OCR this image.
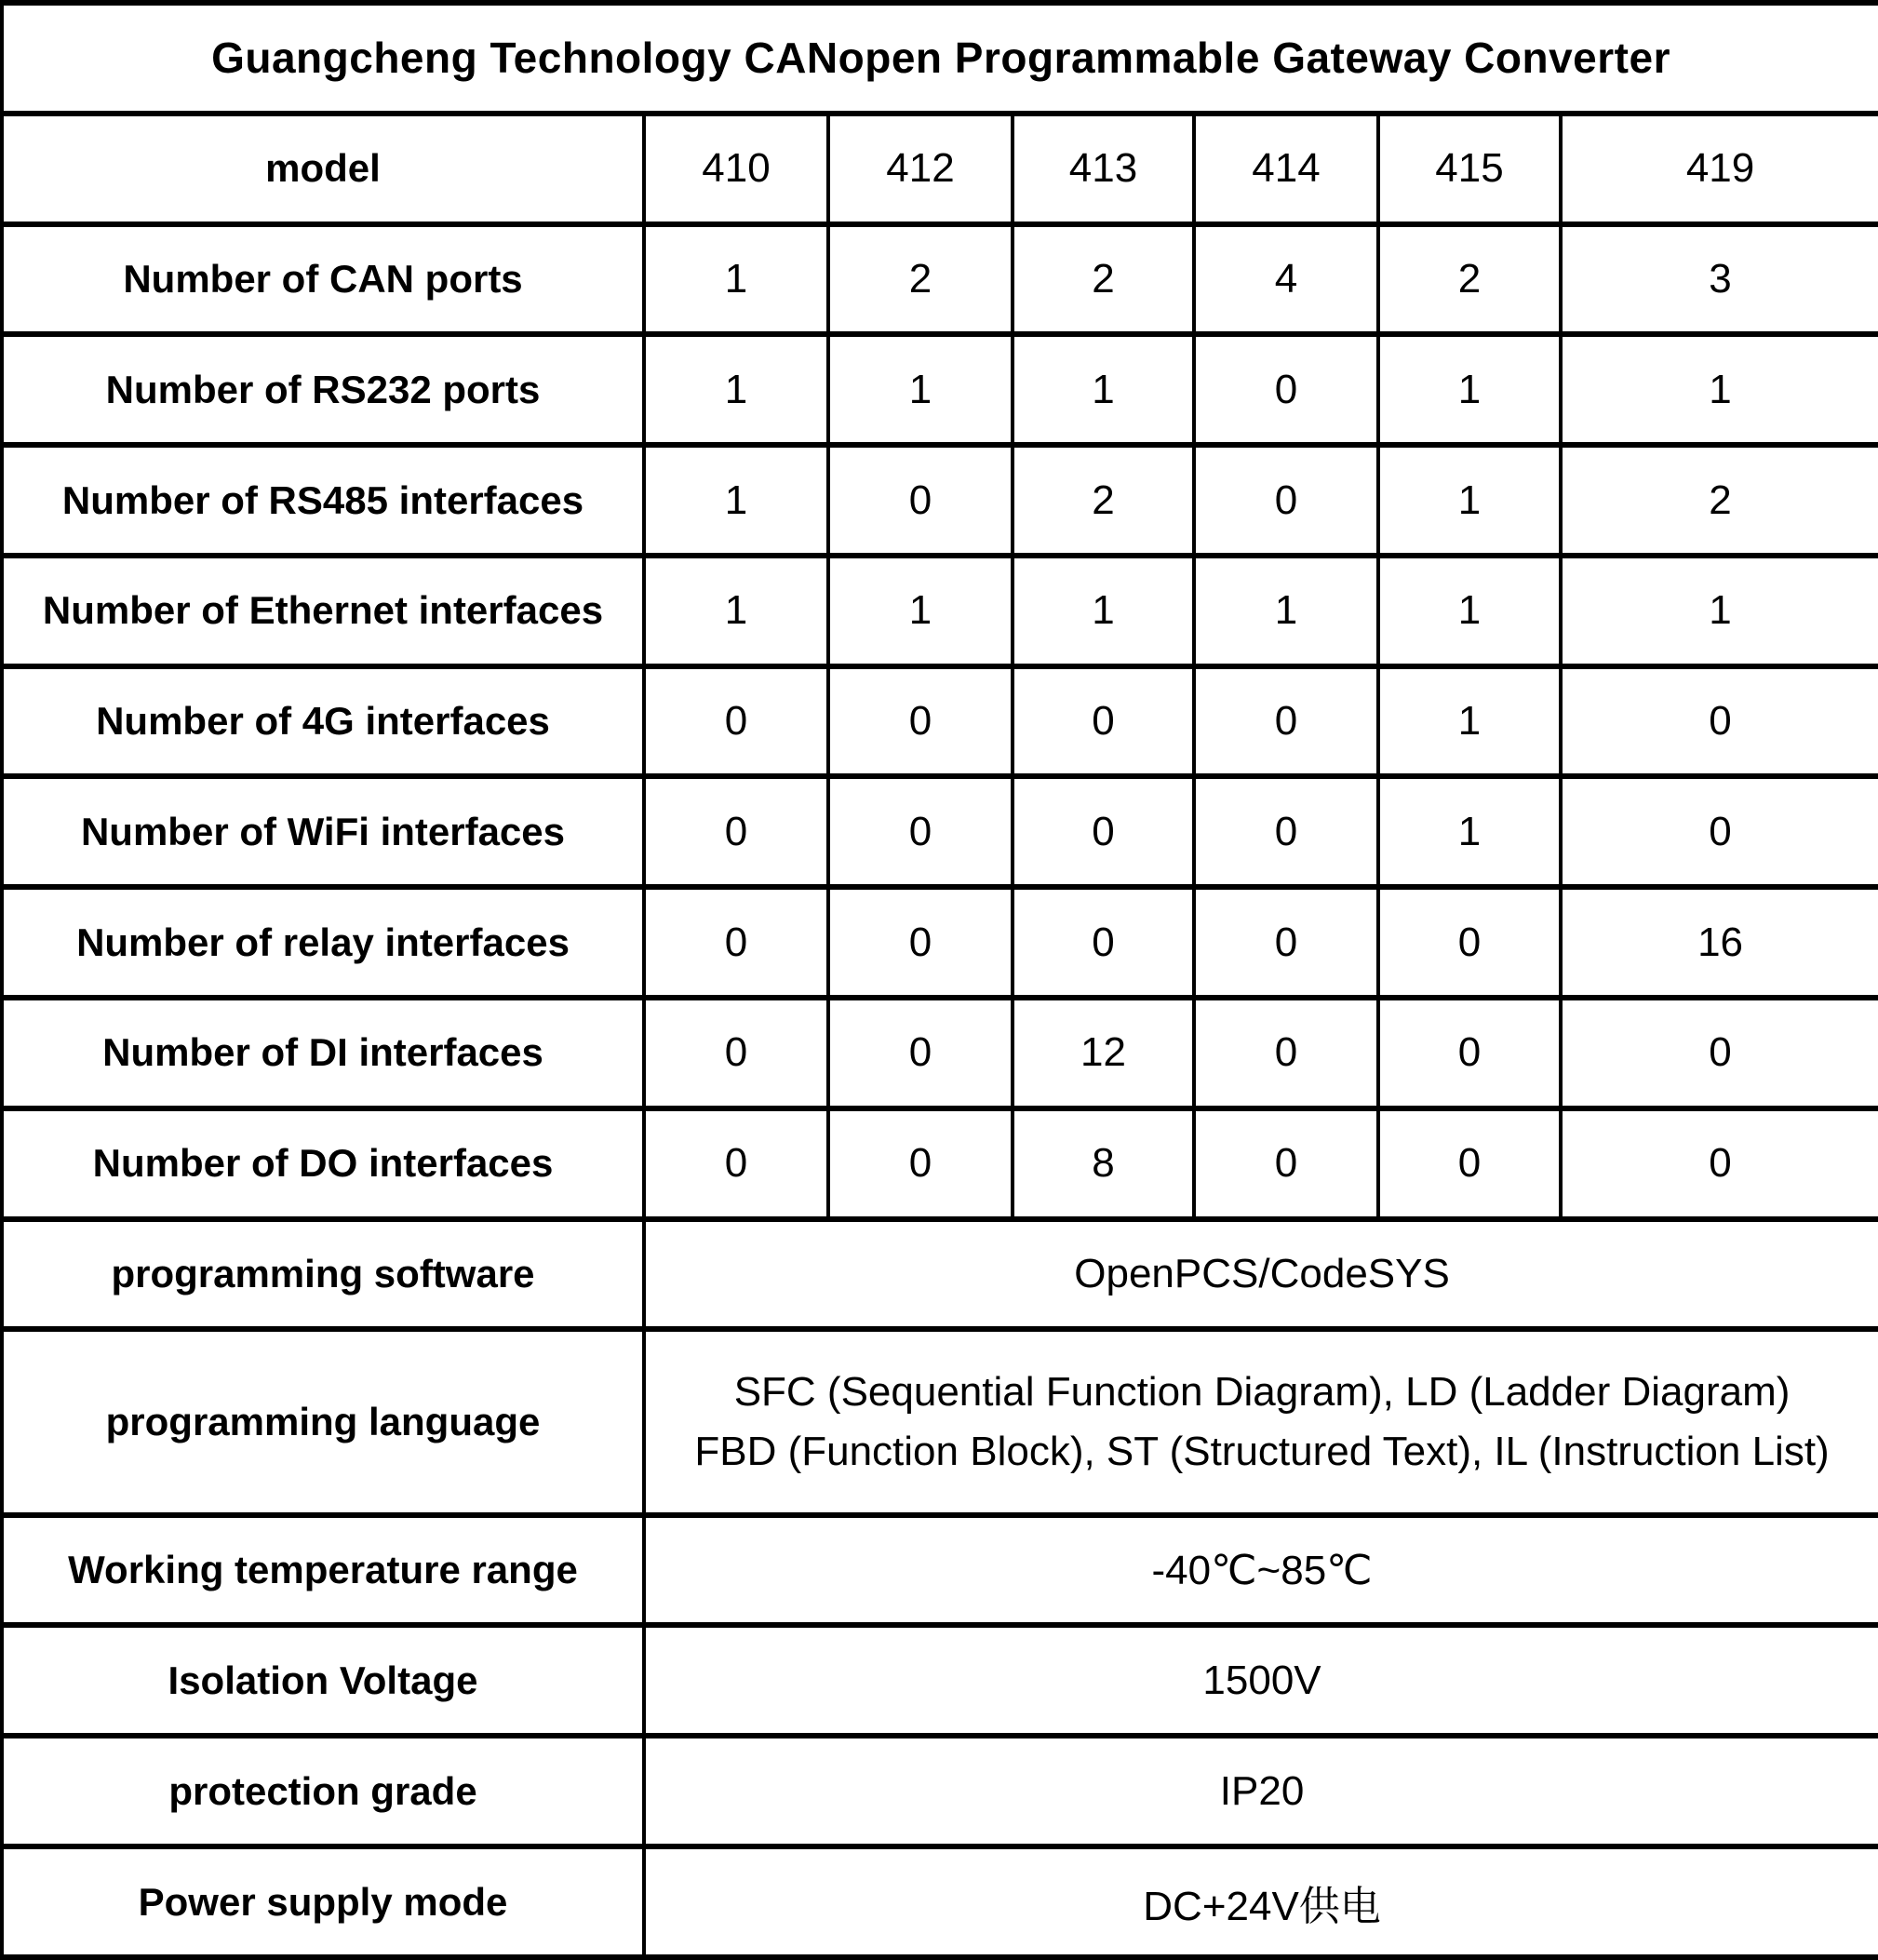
Guangcheng Technology CANopen Programmable Gateway Converter						
model	410	412	413	414	415	419
Number of CAN ports	1	2	2	4	2	3
Number of RS232 ports	1	1	1	0	1	1
Number of RS485 interfaces	1	0	2	0	1	2
Number of Ethernet interfaces	1	1	1	1	1	1
Number of 4G interfaces	0	0	0	0	1	0
Number of WiFi interfaces	0	0	0	0	1	0
Number of relay interfaces	0	0	0	0	0	16
Number of DI interfaces	0	0	12	0	0	0
Number of DO interfaces	0	0	8	0	0	0
programming software	OpenPCS/CodeSYS					
programming language	SFC (Sequential Function Diagram), LD (Ladder Diagram)
FBD (Function Block), ST (Structured Text), IL (Instruction List)					

Working temperature range	-40℃~85℃					
Isolation Voltage	1500V					
protection grade	IP20					
Power supply mode	DC+24V供电					
